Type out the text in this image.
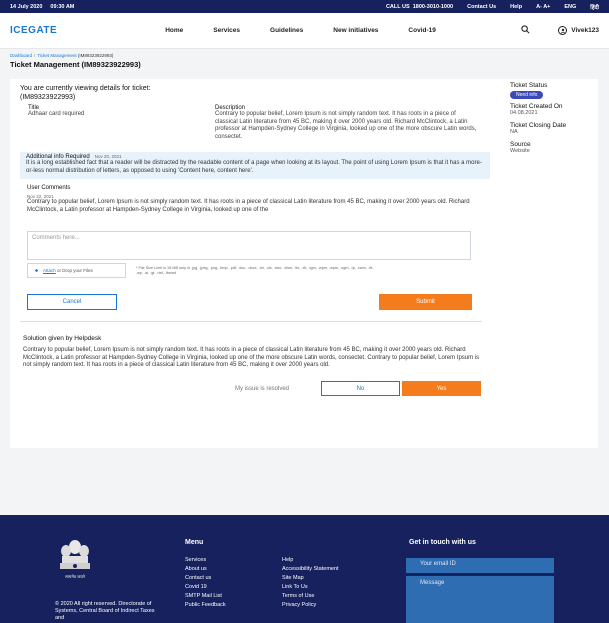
14 July 2020 09:30 AM	CALL US 1800-3010-1000	Contact Us	Help	A- A+	ENG	हिंदी
ICEGATE	Home	Services	Guidelines	New initiatives	Covid-19	Vivek123
Dashboard / Ticket Management (IM89323922993)
Ticket Management (IM89323922993)
You are currently viewing details for ticket:
(IM89323922993)
Title
Adhaar card required
Description
Contrary to popular belief, Lorem Ipsum is not simply random text. It has roots in a piece of classical Latin literature from 45 BC, making it over 2000 years old. Richard McClintock, a Latin professor at Hampden-Sydney College in Virginia, looked up one of the more obscure Latin words, consectet.
Additional info Required Nov 20, 2021
It is a long established fact that a reader will be distracted by the readable content of a page when looking at its layout. The point of using Lorem Ipsum is that it has a more-or-less normal distribution of letters, as opposed to using 'Content here, content here'.
User Comments
Nov 22, 2021
Contrary to popular belief, Lorem Ipsum is not simply random text. It has roots in a piece of classical Latin literature from 45 BC, making it over 2000 years old. Richard McClintock, a Latin professor at Hampden-Sydney College in Virginia, looked up one of the
Comments here...
Attach or Drop your Files	* File Size Limit is 15 MB only in .jpg, .jpeg, .png, .bmp, .pdf, .doc, .docx, .txt, .xls, .xlsx, .xlsm, .ttx, .xlt, .tgm, .wpm, .wpm, .sgm, .tp, .cwm, .rtt, .wp, .ai, .gt, .rtst, .lbsmd
Cancel	Submit
Solution given by Helpdesk
Contrary to popular belief, Lorem Ipsum is not simply random text. It has roots in a piece of classical Latin literature from 45 BC, making it over 2000 years old. Richard McClintock, a Latin professor at Hampden-Sydney College in Virginia, looked up one of the more obscure Latin words, consectet. Contrary to popular belief, Lorem Ipsum is not simply random text. It has roots in a piece of classical Latin literature from 45 BC, making it over 2000 years old.
My issue is resolved	No	Yes
Ticket Status
Need info
Ticket Created On
04.08.2021
Ticket Closing Date
NA
Source
Website
सत्यमेव जयते
© 2020 All right reserved. Directorate of Systems, Central Board of Indirect Taxes and
Menu
Services
About us
Contact us
Covid 19
SMTP Mail List
Public Feedback
Help
Accessibility Statement
Site Map
Link To Us
Terms of Use
Privacy Policy
Get in touch with us
Your email ID
Message
